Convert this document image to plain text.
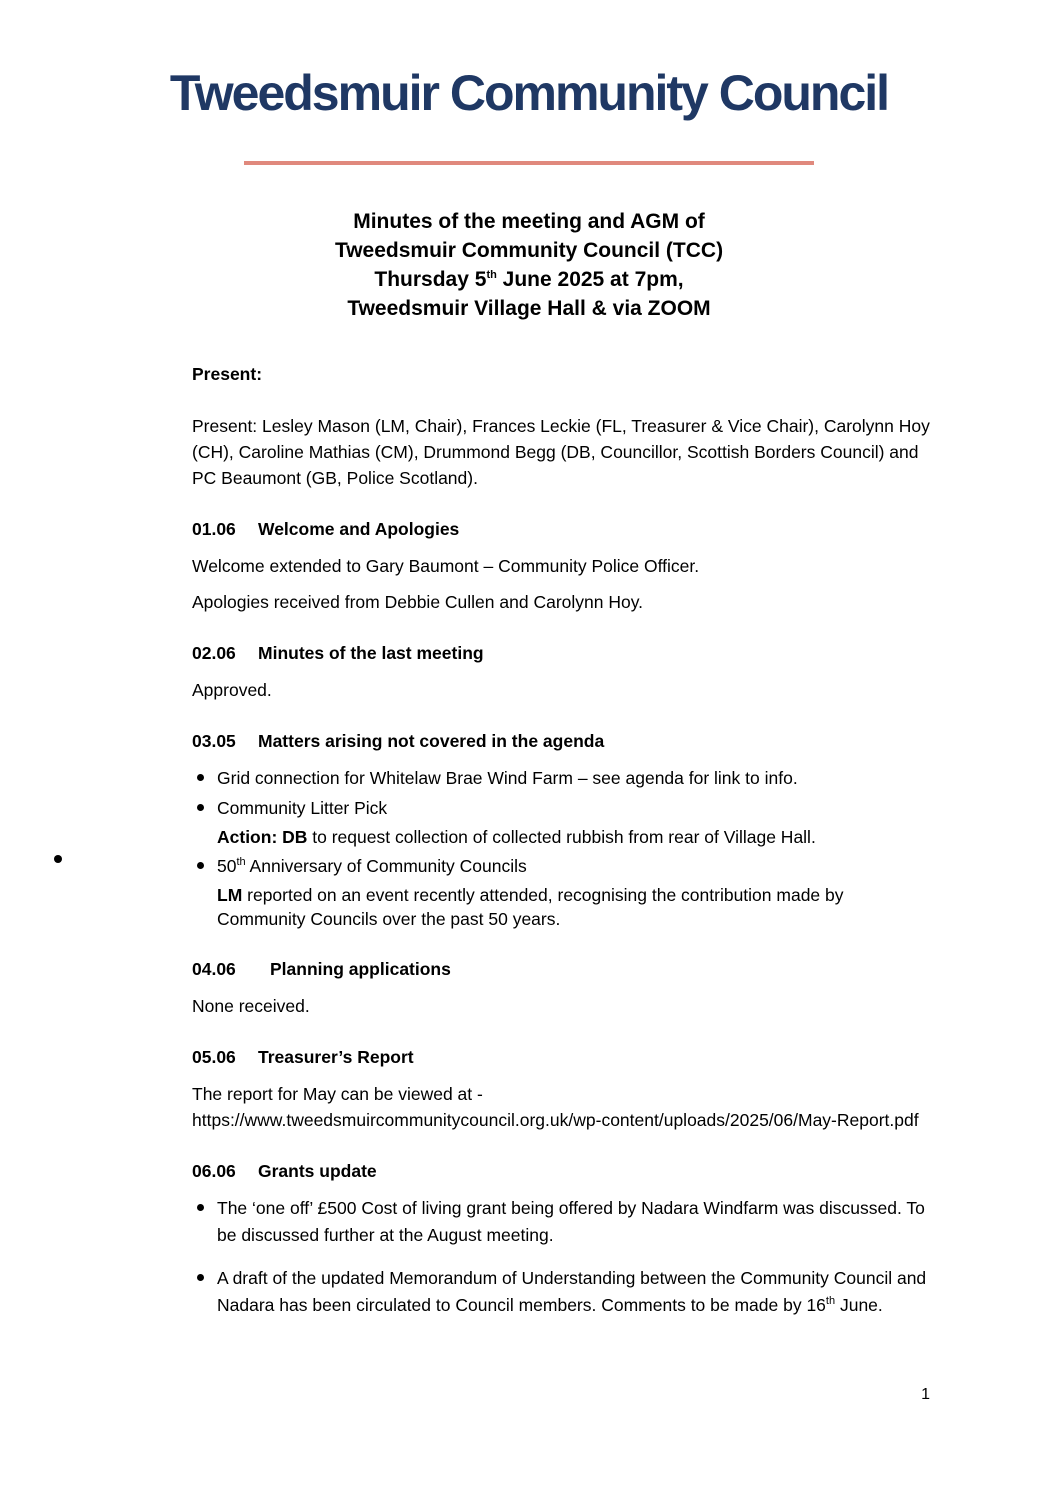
Tweedsmuir Community Council
Minutes of the meeting and AGM of
Tweedsmuir Community Council (TCC)
Thursday 5th June 2025 at 7pm,
Tweedsmuir Village Hall & via ZOOM

Present:

Present: Lesley Mason (LM, Chair), Frances Leckie (FL, Treasurer & Vice Chair), Carolynn Hoy (CH), Caroline Mathias (CM), Drummond Begg (DB, Councillor, Scottish Borders Council) and PC Beaumont (GB, Police Scotland).

01.06 Welcome and Apologies

Welcome extended to Gary Baumont – Community Police Officer.

Apologies received from Debbie Cullen and Carolynn Hoy.

02.06 Minutes of the last meeting

Approved.

03.05 Matters arising not covered in the agenda
Grid connection for Whitelaw Brae Wind Farm – see agenda for link to info.
Community Litter Pick
Action: DB to request collection of collected rubbish from rear of Village Hall.
50th Anniversary of Community Councils
LM reported on an event recently attended, recognising the contribution made by Community Councils over the past 50 years.
04.06 Planning applications

None received.

05.06 Treasurer’s Report

The report for May can be viewed at -

https://www.tweedsmuircommunitycouncil.org.uk/wp-content/uploads/2025/06/May-Report.pdf

06.06 Grants update
The ‘one off’ £500 Cost of living grant being offered by Nadara Windfarm was discussed. To be discussed further at the August meeting.
A draft of the updated Memorandum of Understanding between the Community Council and Nadara has been circulated to Council members. Comments to be made by 16th June.
1
